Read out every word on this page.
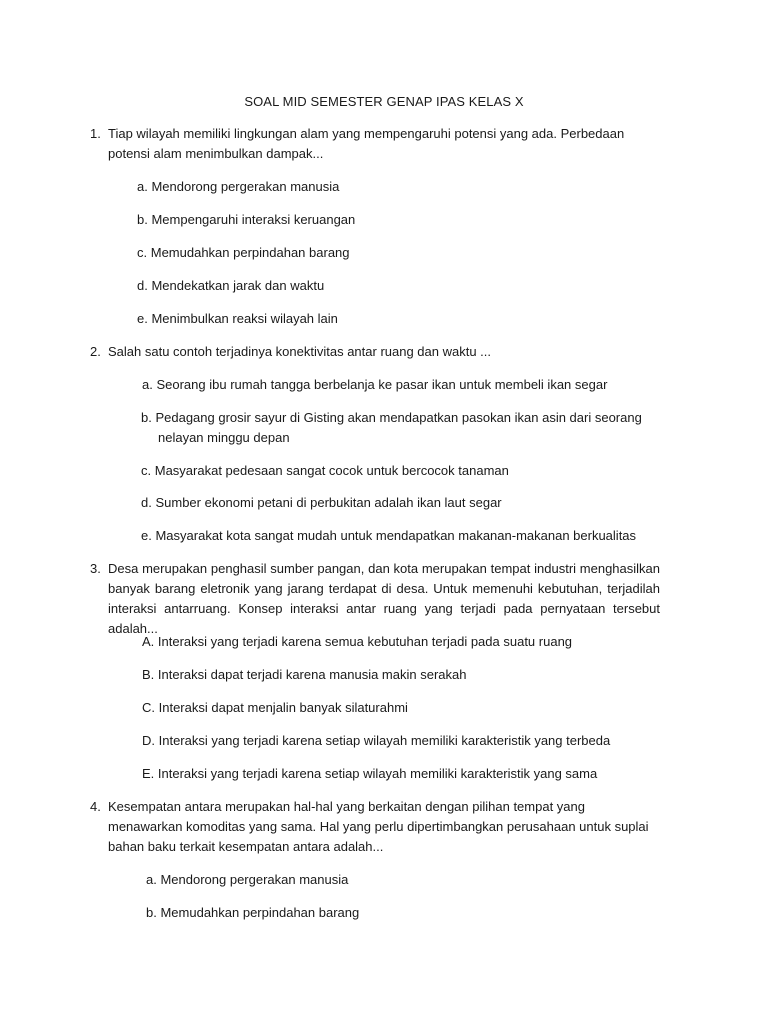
SOAL MID SEMESTER GENAP IPAS KELAS X
1. Tiap wilayah memiliki lingkungan alam yang mempengaruhi potensi yang ada. Perbedaan potensi alam menimbulkan dampak...
a. Mendorong pergerakan manusia
b. Mempengaruhi interaksi keruangan
c. Memudahkan perpindahan barang
d. Mendekatkan jarak dan waktu
e. Menimbulkan reaksi wilayah lain
2. Salah satu contoh terjadinya konektivitas antar ruang dan waktu ...
a. Seorang ibu rumah tangga berbelanja ke pasar ikan untuk membeli ikan segar
b. Pedagang grosir sayur di Gisting akan mendapatkan pasokan ikan asin dari seorang nelayan minggu depan
c. Masyarakat pedesaan sangat cocok untuk bercocok tanaman
d. Sumber ekonomi petani di perbukitan adalah ikan laut segar
e. Masyarakat kota sangat mudah untuk mendapatkan makanan-makanan berkualitas
3. Desa merupakan penghasil sumber pangan, dan kota merupakan tempat industri menghasilkan banyak barang eletronik yang jarang terdapat di desa. Untuk memenuhi kebutuhan, terjadilah interaksi antarruang. Konsep interaksi antar ruang yang terjadi pada pernyataan tersebut adalah...
A. Interaksi yang terjadi karena semua kebutuhan terjadi pada suatu ruang
B. Interaksi dapat terjadi karena manusia makin serakah
C. Interaksi dapat menjalin banyak silaturahmi
D. Interaksi yang terjadi karena setiap wilayah memiliki karakteristik yang terbeda
E. Interaksi yang terjadi karena setiap wilayah memiliki karakteristik yang sama
4. Kesempatan antara merupakan hal-hal yang berkaitan dengan pilihan tempat yang menawarkan komoditas yang sama. Hal yang perlu dipertimbangkan perusahaan untuk suplai bahan baku terkait kesempatan antara adalah...
a. Mendorong pergerakan manusia
b. Memudahkan perpindahan barang
